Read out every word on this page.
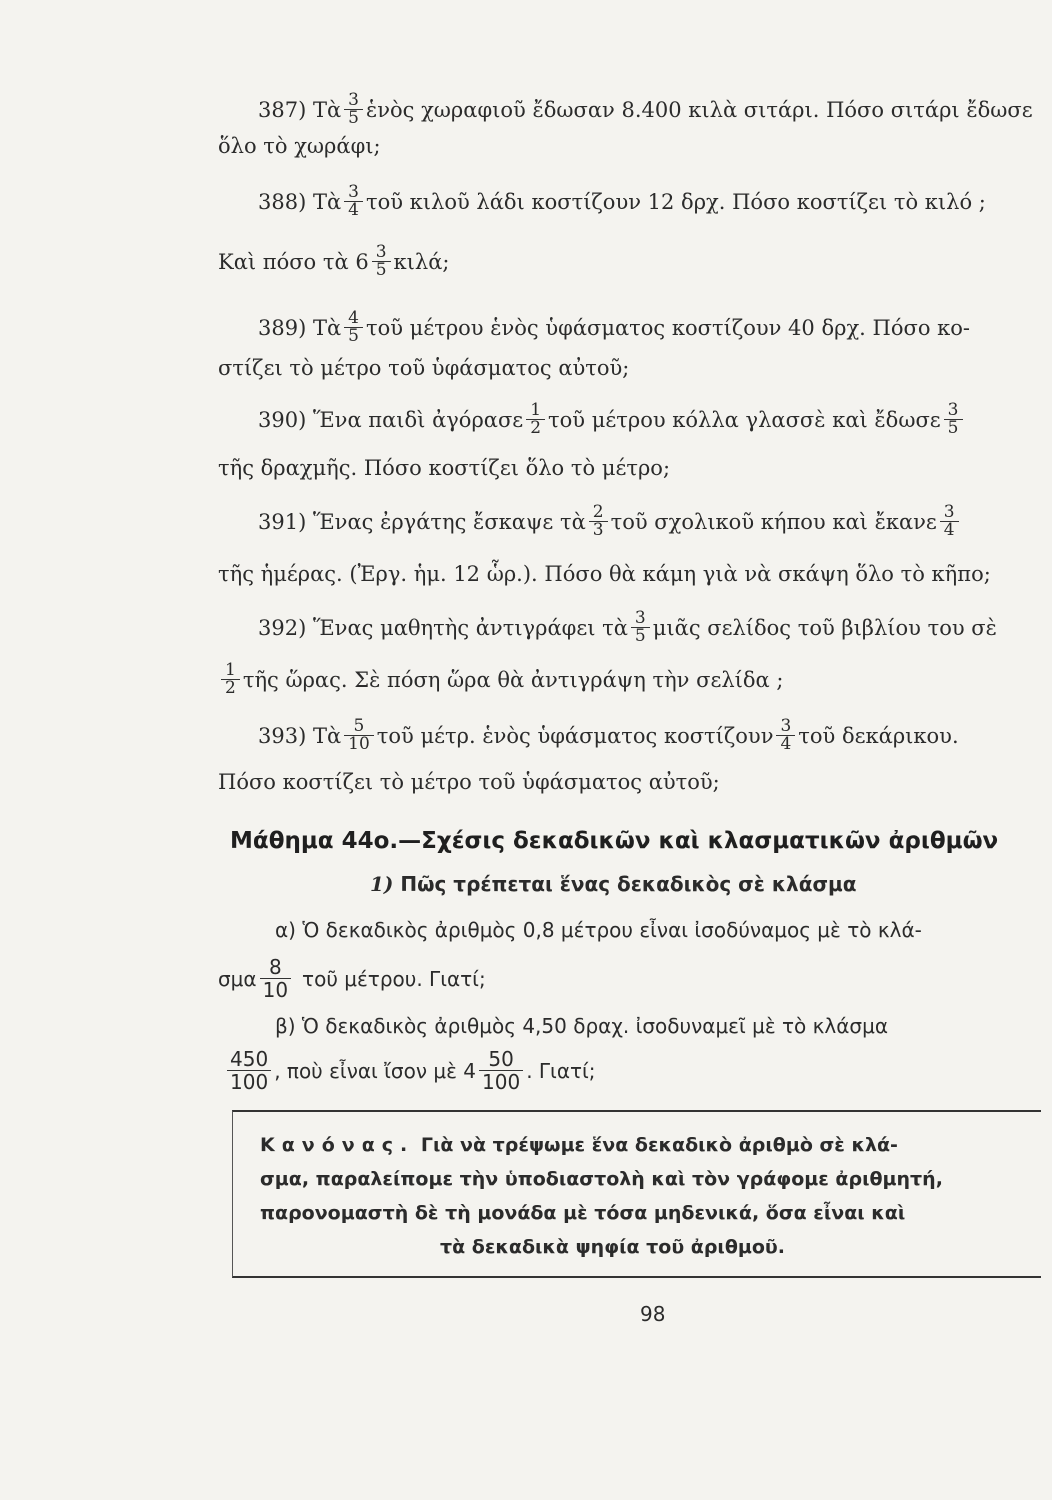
387) Τὰ $\frac{3}{5}$ ἑνὸς χωραφιοῦ ἔδωσαν 8.400 κιλὰ σιτάρι. Πόσο σιτάρι ἔδωσε
ὅλο τὸ χωράφι;
388) Τὰ $\frac{3}{4}$ τοῦ κιλοῦ λάδι κοστίζουν 12 δρχ. Πόσο κοστίζει τὸ κιλό ;
Καὶ πόσο τὰ $6 \frac{3}{5} \kappa\iota\lambda ά$;
389) Τὰ $\frac{4}{5}$ τοῦ μέτρου ἑνὸς ὑφάσματος κοστίζουν 40 δρχ. Πόσο κο-
στίζει τὸ μέτρο τοῦ ὑφάσματος αὐτοῦ;
390) Ἕνα παιδὶ ἀγόρασε $\frac{1}{2}$ τοῦ μέτρου κόλλα γλασσὲ καὶ ἔδωσε $\frac{3}{5}$
τῆς δραχμῆς. Πόσο κοστίζει ὅλο τὸ μέτρο;
391) Ἕνας ἐργάτης ἔσκαψε τὰ $\frac{2}{3}$ τοῦ σχολικοῦ κήπου καὶ ἔκανε $\frac{3}{4}$
τῆς ἡμέρας. (Ἐργ. ἡμ. 12 ὧρ.). Πόσο θὰ κάμη γιὰ νὰ σκάψη ὅλο τὸ κῆπο;
392) Ἕνας μαθητὴς ἀντιγράφει τὰ $\frac{3}{5}$ μιᾶς σελίδος τοῦ βιβλίου του σὲ
$\frac{1}{2}$ τῆς ὥρας. Σὲ πόση ὥρα θὰ ἀντιγράψη τὴν σελίδα ;
393) Τὰ $\frac{5}{10}$ τοῦ μέτρ. ἑνὸς ὑφάσματος κοστίζουν $\frac{3}{4}$ τοῦ δεκάρικου.
Πόσο κοστίζει τὸ μέτρο τοῦ ὑφάσματος αὐτοῦ;
Μάθημα 44ο.—Σχέσις δεκαδικῶν καὶ κλασματικῶν ἀριθμῶν
1) Πῶς τρέπεται ἕνας δεκαδικὸς σὲ κλάσμα
α) Ὁ δεκαδικὸς ἀριθμὸς 0,8 μέτρου εἶναι ἰσοδύναμος μὲ τὸ κλά-
σμα $\frac{8}{10}$ τοῦ μέτρου. Γιατί;
β) Ὁ δεκαδικὸς ἀριθμὸς 4,50 δραχ. ἰσοδυναμεῖ μὲ τὸ κλάσμα
$\frac{450}{100}$ , ποὺ εἶναι ἴσον μὲ $4 \frac{50}{100}$ . Γιατί;
Κανόνας. Γιὰ νὰ τρέψωμε ἕνα δεκαδικὸ ἀριθμὸ σὲ κλά-
σμα, παραλείπομε τὴν ὑποδιαστολὴ καὶ τὸν γράφομε ἀριθμητή,
παρονομαστὴ δὲ τὴ μονάδα μὲ τόσα μηδενικά, ὅσα εἶναι καὶ
τὰ δεκαδικὰ ψηφία τοῦ ἀριθμοῦ.
98
